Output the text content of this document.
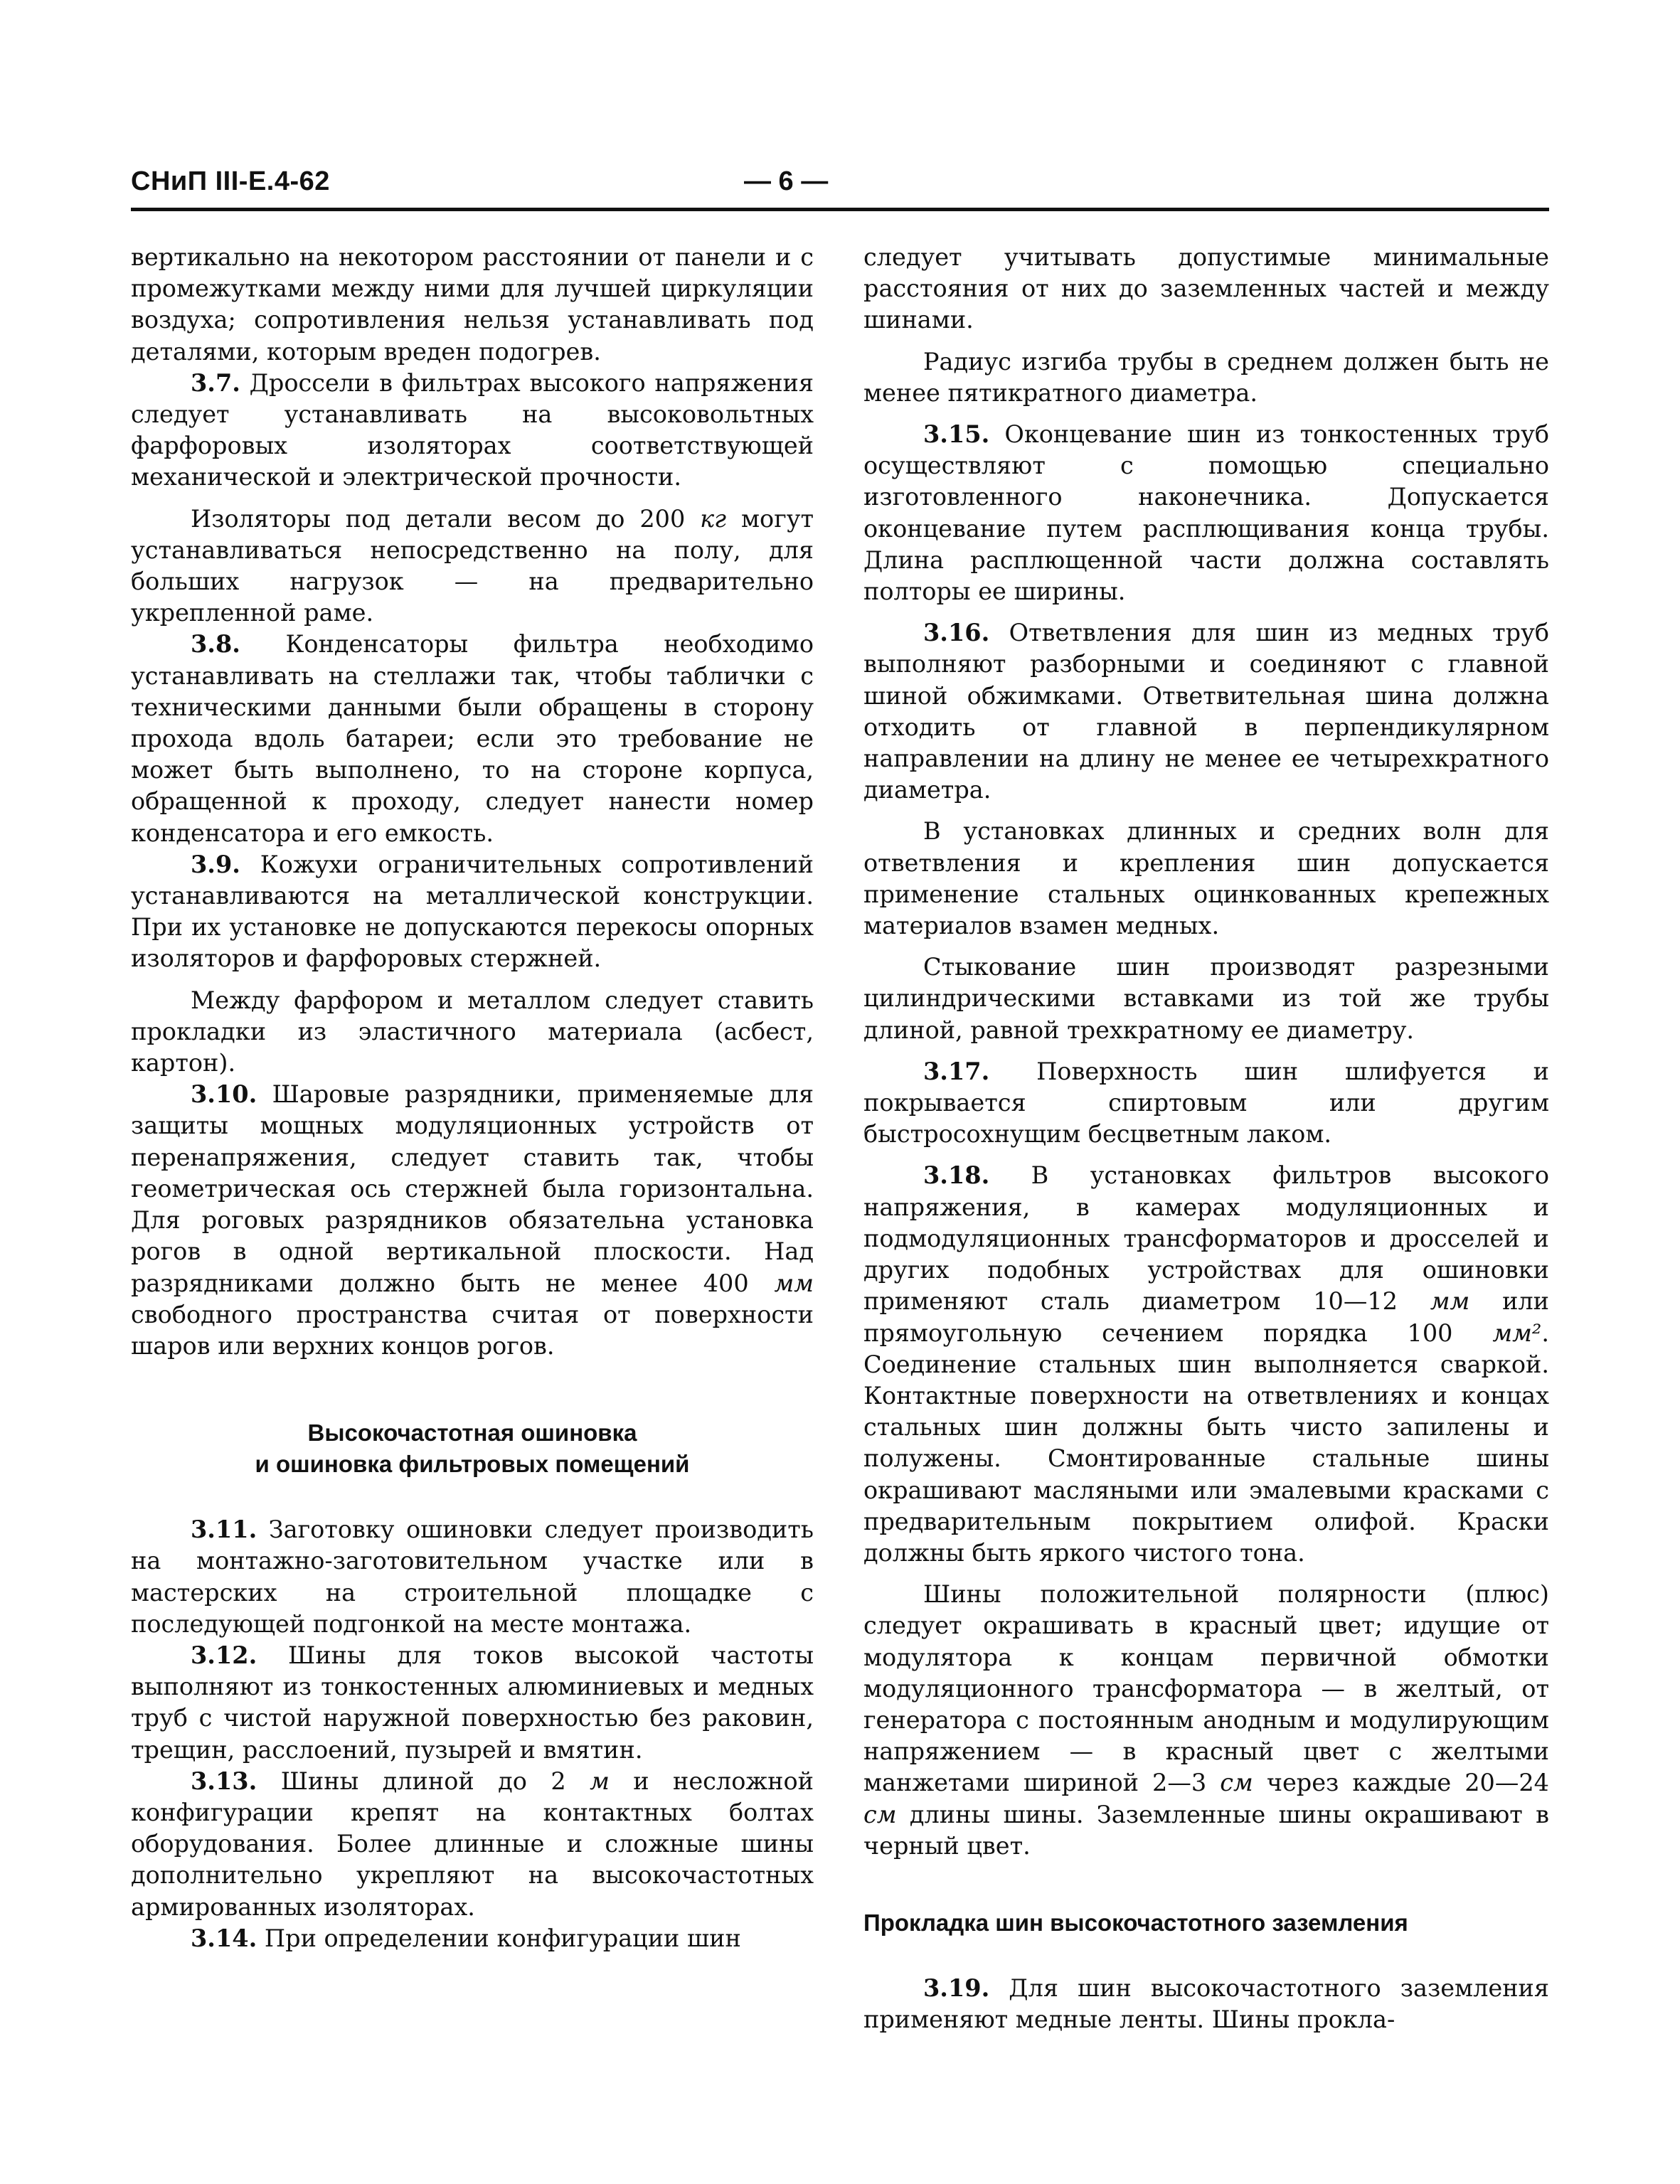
СНиП III-Е.4-62	— 6 —

вертикально на некотором расстоянии от панели и с промежутками между ними для лучшей циркуляции воздуха; сопротивления нельзя устанавливать под деталями, которым вреден подогрев.

3.7. Дроссели в фильтрах высокого напряжения следует устанавливать на высоковольтных фарфоровых изоляторах соответствующей механической и электрической прочности.

Изоляторы под детали весом до 200 кг могут устанавливаться непосредственно на полу, для больших нагрузок — на предварительно укрепленной раме.

3.8. Конденсаторы фильтра необходимо устанавливать на стеллажи так, чтобы таблички с техническими данными были обращены в сторону прохода вдоль батареи; если это требование не может быть выполнено, то на стороне корпуса, обращенной к проходу, следует нанести номер конденсатора и его емкость.

3.9. Кожухи ограничительных сопротивлений устанавливаются на металлической конструкции. При их установке не допускаются перекосы опорных изоляторов и фарфоровых стержней.

Между фарфором и металлом следует ставить прокладки из эластичного материала (асбест, картон).

3.10. Шаровые разрядники, применяемые для защиты мощных модуляционных устройств от перенапряжения, следует ставить так, чтобы геометрическая ось стержней была горизонтальна. Для роговых разрядников обязательна установка рогов в одной вертикальной плоскости. Над разрядниками должно быть не менее 400 мм свободного пространства считая от поверхности шаров или верхних концов рогов.

Высокочастотная ошиновка
и ошиновка фильтровых помещений

3.11. Заготовку ошиновки следует производить на монтажно-заготовительном участке или в мастерских на строительной площадке с последующей подгонкой на месте монтажа.

3.12. Шины для токов высокой частоты выполняют из тонкостенных алюминиевых и медных труб с чистой наружной поверхностью без раковин, трещин, расслоений, пузырей и вмятин.

3.13. Шины длиной до 2 м и несложной конфигурации крепят на контактных болтах оборудования. Более длинные и сложные шины дополнительно укрепляют на высокочастотных армированных изоляторах.

3.14. При определении конфигурации шин

следует учитывать допустимые минимальные расстояния от них до заземленных частей и между шинами.

Радиус изгиба трубы в среднем должен быть не менее пятикратного диаметра.

3.15. Оконцевание шин из тонкостенных труб осуществляют с помощью специально изготовленного наконечника. Допускается оконцевание путем расплющивания конца трубы. Длина расплющенной части должна составлять полторы ее ширины.

3.16. Ответвления для шин из медных труб выполняют разборными и соединяют с главной шиной обжимками. Ответвительная шина должна отходить от главной в перпендикулярном направлении на длину не менее ее четырехкратного диаметра.

В установках длинных и средних волн для ответвления и крепления шин допускается применение стальных оцинкованных крепежных материалов взамен медных.

Стыкование шин производят разрезными цилиндрическими вставками из той же трубы длиной, равной трехкратному ее диаметру.

3.17. Поверхность шин шлифуется и покрывается спиртовым или другим быстросохнущим бесцветным лаком.

3.18. В установках фильтров высокого напряжения, в камерах модуляционных и подмодуляционных трансформаторов и дросселей и других подобных устройствах для ошиновки применяют сталь диаметром 10—12 мм или прямоугольную сечением порядка 100 мм². Соединение стальных шин выполняется сваркой. Контактные поверхности на ответвлениях и концах стальных шин должны быть чисто запилены и полужены. Смонтированные стальные шины окрашивают масляными или эмалевыми красками с предварительным покрытием олифой. Краски должны быть яркого чистого тона.

Шины положительной полярности (плюс) следует окрашивать в красный цвет; идущие от модулятора к концам первичной обмотки модуляционного трансформатора — в желтый, от генератора с постоянным анодным и модулирующим напряжением — в красный цвет с желтыми манжетами шириной 2—3 см через каждые 20—24 см длины шины. Заземленные шины окрашивают в черный цвет.

Прокладка шин высокочастотного заземления

3.19. Для шин высокочастотного заземления применяют медные ленты. Шины прокла-
